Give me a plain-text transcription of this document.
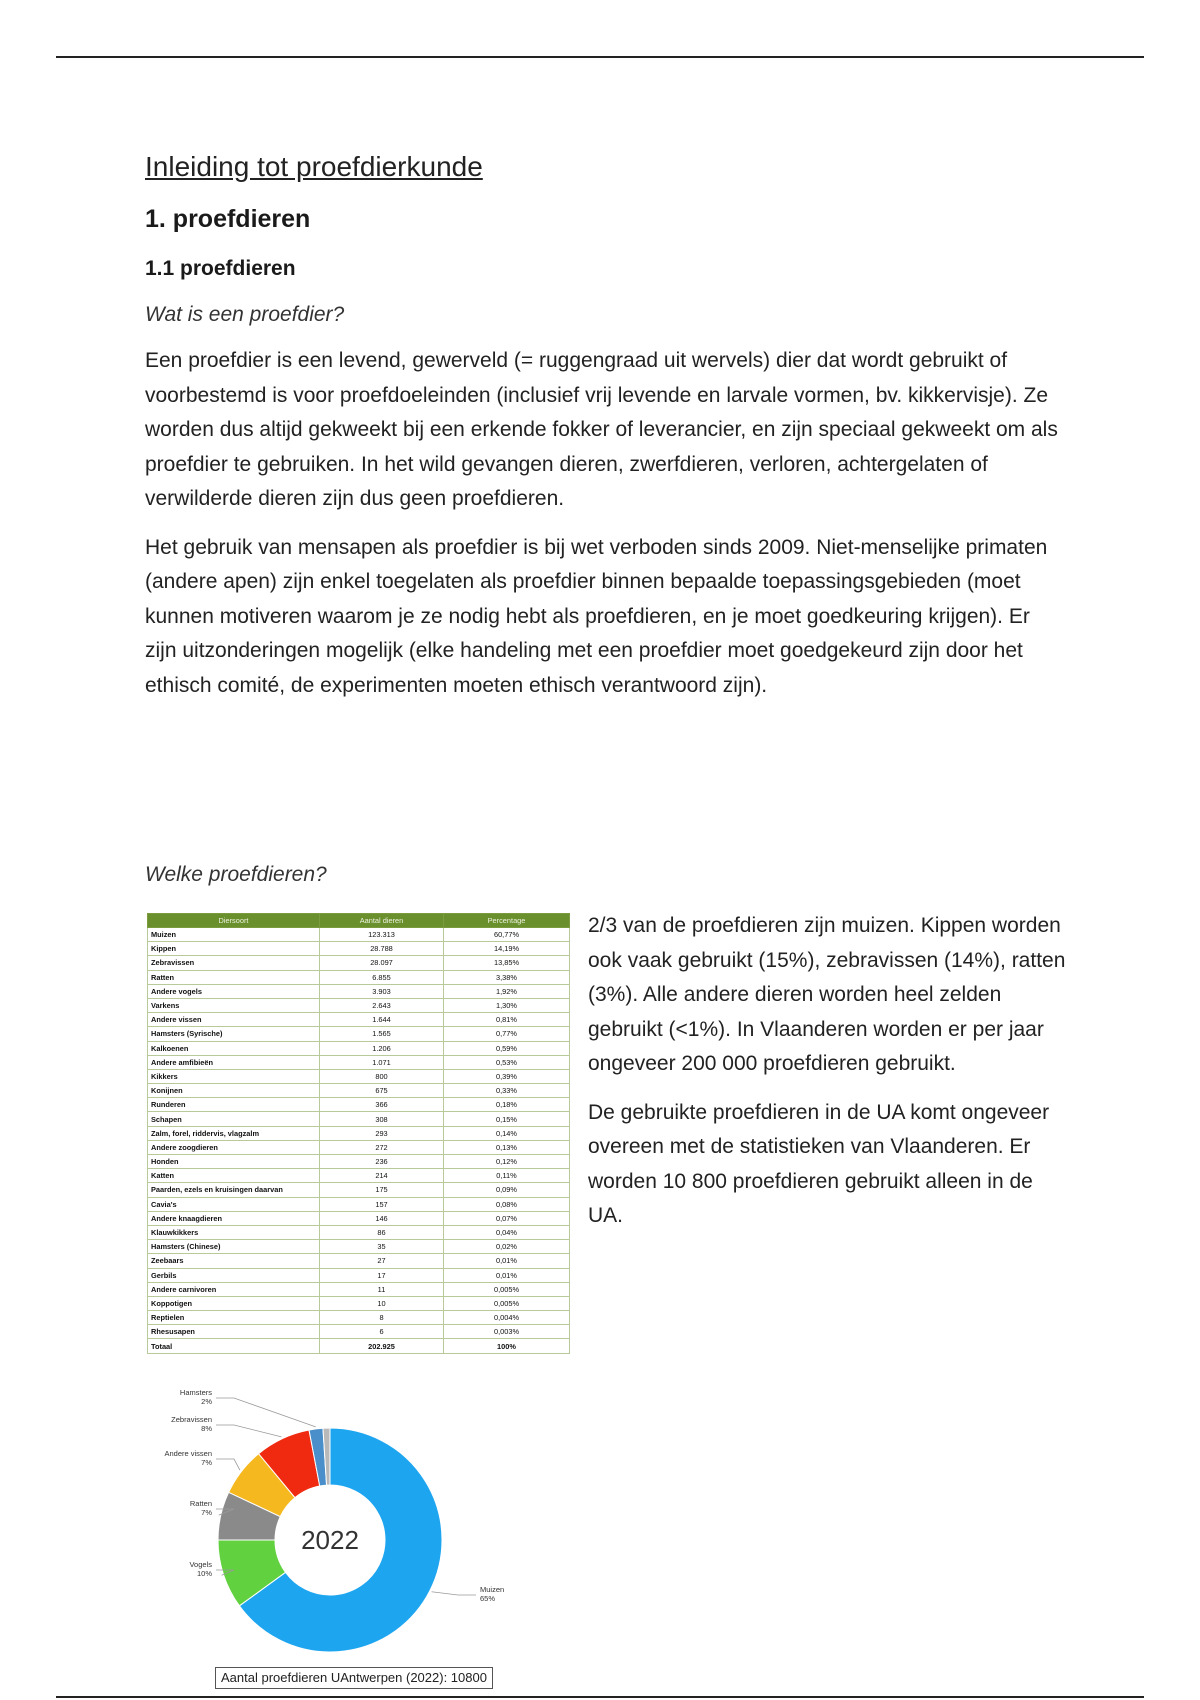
Inleiding tot proefdierkunde
1. proefdieren
1.1 proefdieren
Wat is een proefdier?

Een proefdier is een levend, gewerveld (= ruggengraad uit wervels) dier dat wordt gebruikt of voorbestemd is voor proefdoeleinden (inclusief vrij levende en larvale vormen, bv. kikkervisje). Ze worden dus altijd gekweekt bij een erkende fokker of leverancier, en zijn speciaal gekweekt om als proefdier te gebruiken. In het wild gevangen dieren, zwerfdieren, verloren, achtergelaten of verwilderde dieren zijn dus geen proefdieren.

Het gebruik van mensapen als proefdier is bij wet verboden sinds 2009. Niet-menselijke primaten (andere apen) zijn enkel toegelaten als proefdier binnen bepaalde toepassingsgebieden (moet kunnen motiveren waarom je ze nodig hebt als proefdieren, en je moet goedkeuring krijgen). Er zijn uitzonderingen mogelijk (elke handeling met een proefdier moet goedgekeurd zijn door het ethisch comité, de experimenten moeten ethisch verantwoord zijn).

Welke proefdieren?
Diersoort	Aantal dieren	Percentage
Muizen	123.313	60,77%
Kippen	28.788	14,19%
Zebravissen	28.097	13,85%
Ratten	6.855	3,38%
Andere vogels	3.903	1,92%
Varkens	2.643	1,30%
Andere vissen	1.644	0,81%
Hamsters (Syrische)	1.565	0,77%
Kalkoenen	1.206	0,59%
Andere amfibieën	1.071	0,53%
Kikkers	800	0,39%
Konijnen	675	0,33%
Runderen	366	0,18%
Schapen	308	0,15%
Zalm, forel, riddervis, vlagzalm	293	0,14%
Andere zoogdieren	272	0,13%
Honden	236	0,12%
Katten	214	0,11%
Paarden, ezels en kruisingen daarvan	175	0,09%
Cavia's	157	0,08%
Andere knaagdieren	146	0,07%
Klauwkikkers	86	0,04%
Hamsters (Chinese)	35	0,02%
Zeebaars	27	0,01%
Gerbils	17	0,01%
Andere carnivoren	11	0,005%
Koppotigen	10	0,005%
Reptielen	8	0,004%
Rhesusapen	6	0,003%
Totaal	202.925	100%

2/3 van de proefdieren zijn muizen. Kippen worden ook vaak gebruikt (15%), zebravissen (14%), ratten (3%). Alle andere dieren worden heel zelden gebruikt (<1%). In Vlaanderen worden er per jaar ongeveer 200 000 proefdieren gebruikt.

De gebruikte proefdieren in de UA komt ongeveer overeen met de statistieken van Vlaanderen. Er worden 10 800 proefdieren gebruikt alleen in de UA.

Muizen
65%
Vogels
10%
Ratten
7%
Andere vissen
7%
Zebravissen
8%
Hamsters
2%
2022
Aantal proefdieren UAntwerpen (2022): 10800
